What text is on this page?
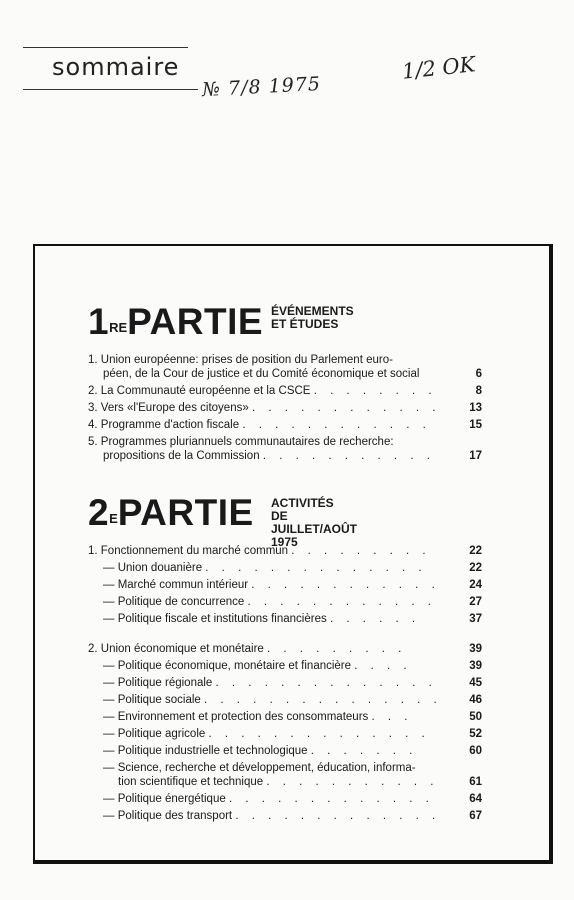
sommaire
№ 7/8 1975
1/2 OK
1REPARTIE ÉVÉNEMENTS
ET ÉTUDES
1. Union européenne: prises de position du Parlement euro-
péen, de la Cour de justice et du Comité économique et social	6
2. La Communauté européenne et la CSCE . . . . . . . .	8
3. Vers «l'Europe des citoyens» . . . . . . . . . . . .	13
4. Programme d'action fiscale . . . . . . . . . . . .	15
5. Programmes pluriannuels communautaires de recherche:
propositions de la Commission . . . . . . . . . . .	17
$2^EPARTIE$ ACTIVITÉS
DE JUILLET/AOÛT 1975
1. Fonctionnement du marché commun . . . . . . . . .	22
— Union douanière . . . . . . . . . . . . . .	22
— Marché commun intérieur . . . . . . . . . . . .	24
— Politique de concurrence . . . . . . . . . . . .	27
— Politique fiscale et institutions financières . . . . . .	37
2. Union économique et monétaire . . . . . . . . .	39
— Politique économique, monétaire et financière . . . .	39
— Politique régionale . . . . . . . . . . . . . .	45
— Politique sociale . . . . . . . . . . . . . . .	46
— Environnement et protection des consommateurs . . .	50
— Politique agricole . . . . . . . . . . . . . .	52
— Politique industrielle et technologique . . . . . . .	60
— Science, recherche et développement, éducation, informa-
tion scientifique et technique . . . . . . . . . . .	61
— Politique énergétique . . . . . . . . . . . . .	64
— Politique des transport . . . . . . . . . . . . .	67
